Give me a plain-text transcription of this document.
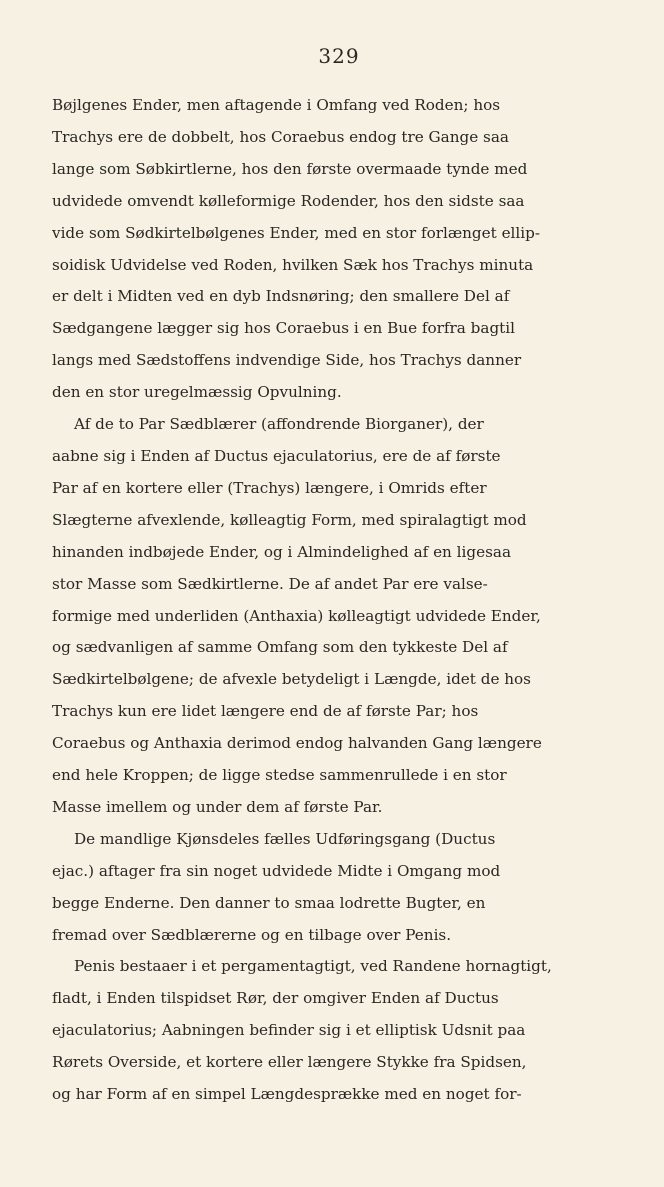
329

Bøjlgenes Ender, men aftagende i Omfang ved Roden; hos
Trachys ere de dobbelt, hos Coraebus endog tre Gange saa
lange som Søbkirtlerne, hos den første overmaade tynde med
udvidede omvendt kølleformige Rodender, hos den sidste saa
vide som Sødkirtelbølgenes Ender, med en stor forlænget ellip-
soidisk Udvidelse ved Roden, hvilken Sæk hos Trachys minuta
er delt i Midten ved en dyb Indsnøring; den smallere Del af
Sædgangene lægger sig hos Coraebus i en Bue forfra bagtil
langs med Sædstoffens indvendige Side, hos Trachys danner
den en stor uregelmæssig Opvulning.

Af de to Par Sædblærer (affondrende Biorganer), der
aabne sig i Enden af Ductus ejaculatorius, ere de af første
Par af en kortere eller (Trachys) længere, i Omrids efter
Slægterne afvexlende, kølleagtig Form, med spiralagtigt mod
hinanden indbøjede Ender, og i Almindelighed af en ligesaa
stor Masse som Sædkirtlerne. De af andet Par ere valse-
formige med underliden (Anthaxia) kølleagtigt udvidede Ender,
og sædvanligen af samme Omfang som den tykkeste Del af
Sædkirtelbølgene; de afvexle betydeligt i Længde, idet de hos
Trachys kun ere lidet længere end de af første Par; hos
Coraebus og Anthaxia derimod endog halvanden Gang længere
end hele Kroppen; de ligge stedse sammenrullede i en stor
Masse imellem og under dem af første Par.

De mandlige Kjønsdeles fælles Udføringsgang (Ductus
ejac.) aftager fra sin noget udvidede Midte i Omgang mod
begge Enderne. Den danner to smaa lodrette Bugter, en
fremad over Sædblærerne og en tilbage over Penis.

Penis bestaaer i et pergamentagtigt, ved Randene hornagtigt,
fladt, i Enden tilspidset Rør, der omgiver Enden af Ductus
ejaculatorius; Aabningen befinder sig i et elliptisk Udsnit paa
Rørets Overside, et kortere eller længere Stykke fra Spidsen,
og har Form af en simpel Længdesprække med en noget for-
